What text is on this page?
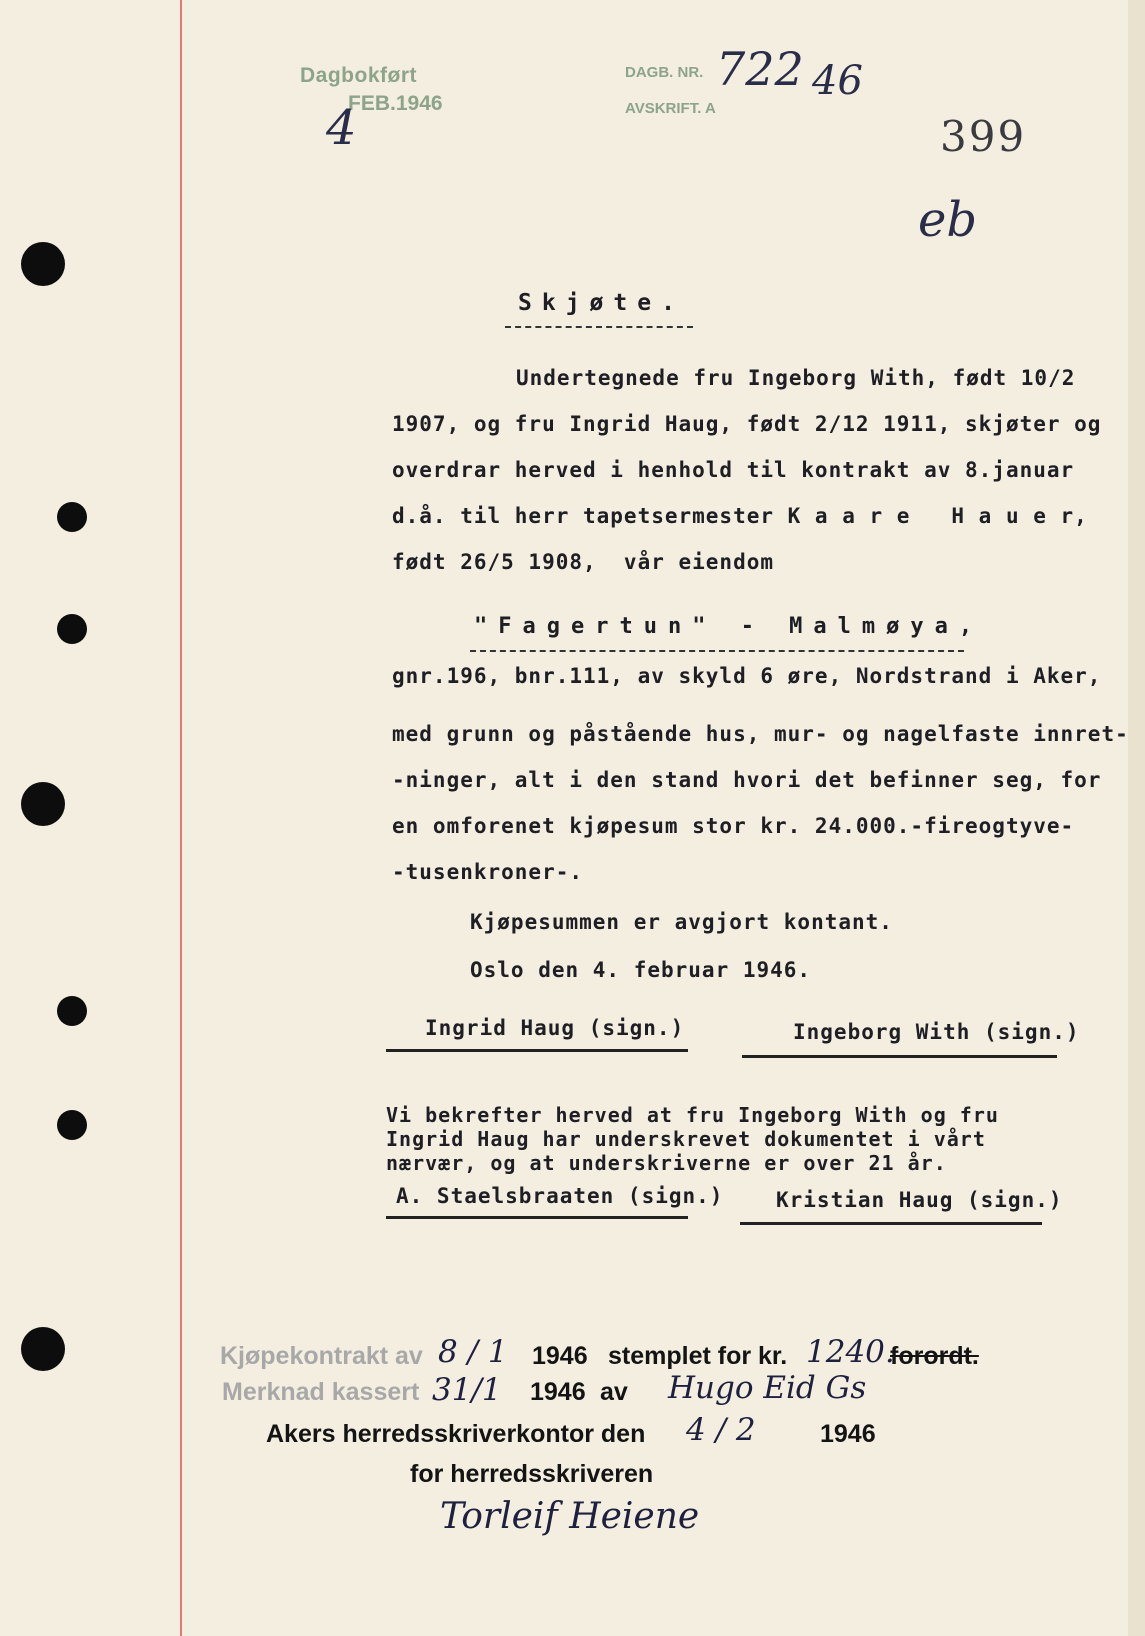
Dagbokført
FEB.1946
4
DAGB. NR.
AVSKRIFT. A
722 46
399
eb
Skjøte.
Undertegnede fru Ingeborg With, født 10/2
1907, og fru Ingrid Haug, født 2/12 1911, skjøter og
overdrar herved i henhold til kontrakt av 8.januar
d.å. til herr tapetsermester K a a r e   H a u e r,
født 26/5 1908,  vår eiendom
"Fagertun" - Malmøya,
gnr.196, bnr.111, av skyld 6 øre, Nordstrand i Aker,
med grunn og påstående hus, mur- og nagelfaste innret-
-ninger, alt i den stand hvori det befinner seg, for
en omforenet kjøpesum stor kr. 24.000.-fireogtyve-
-tusenkroner-.
Kjøpesummen er avgjort kontant.
Oslo den 4. februar 1946.
Ingrid Haug (sign.)	Ingeborg With (sign.)
Vi bekrefter herved at fru Ingeborg With og fru
Ingrid Haug har underskrevet dokumentet i vårt
nærvær, og at underskriverne er over 21 år.
A. Staelsbraaten (sign.)	Kristian Haug (sign.)
Kjøpekontrakt av 8 / 1 1946 stemplet for kr. 1240.
forordt.
Merknad kassert 31/1 1946 av Hugo Eid Gs
Akers herredsskriverkontor den 4 / 2	1946
for herredsskriveren
Torleif Heiene
